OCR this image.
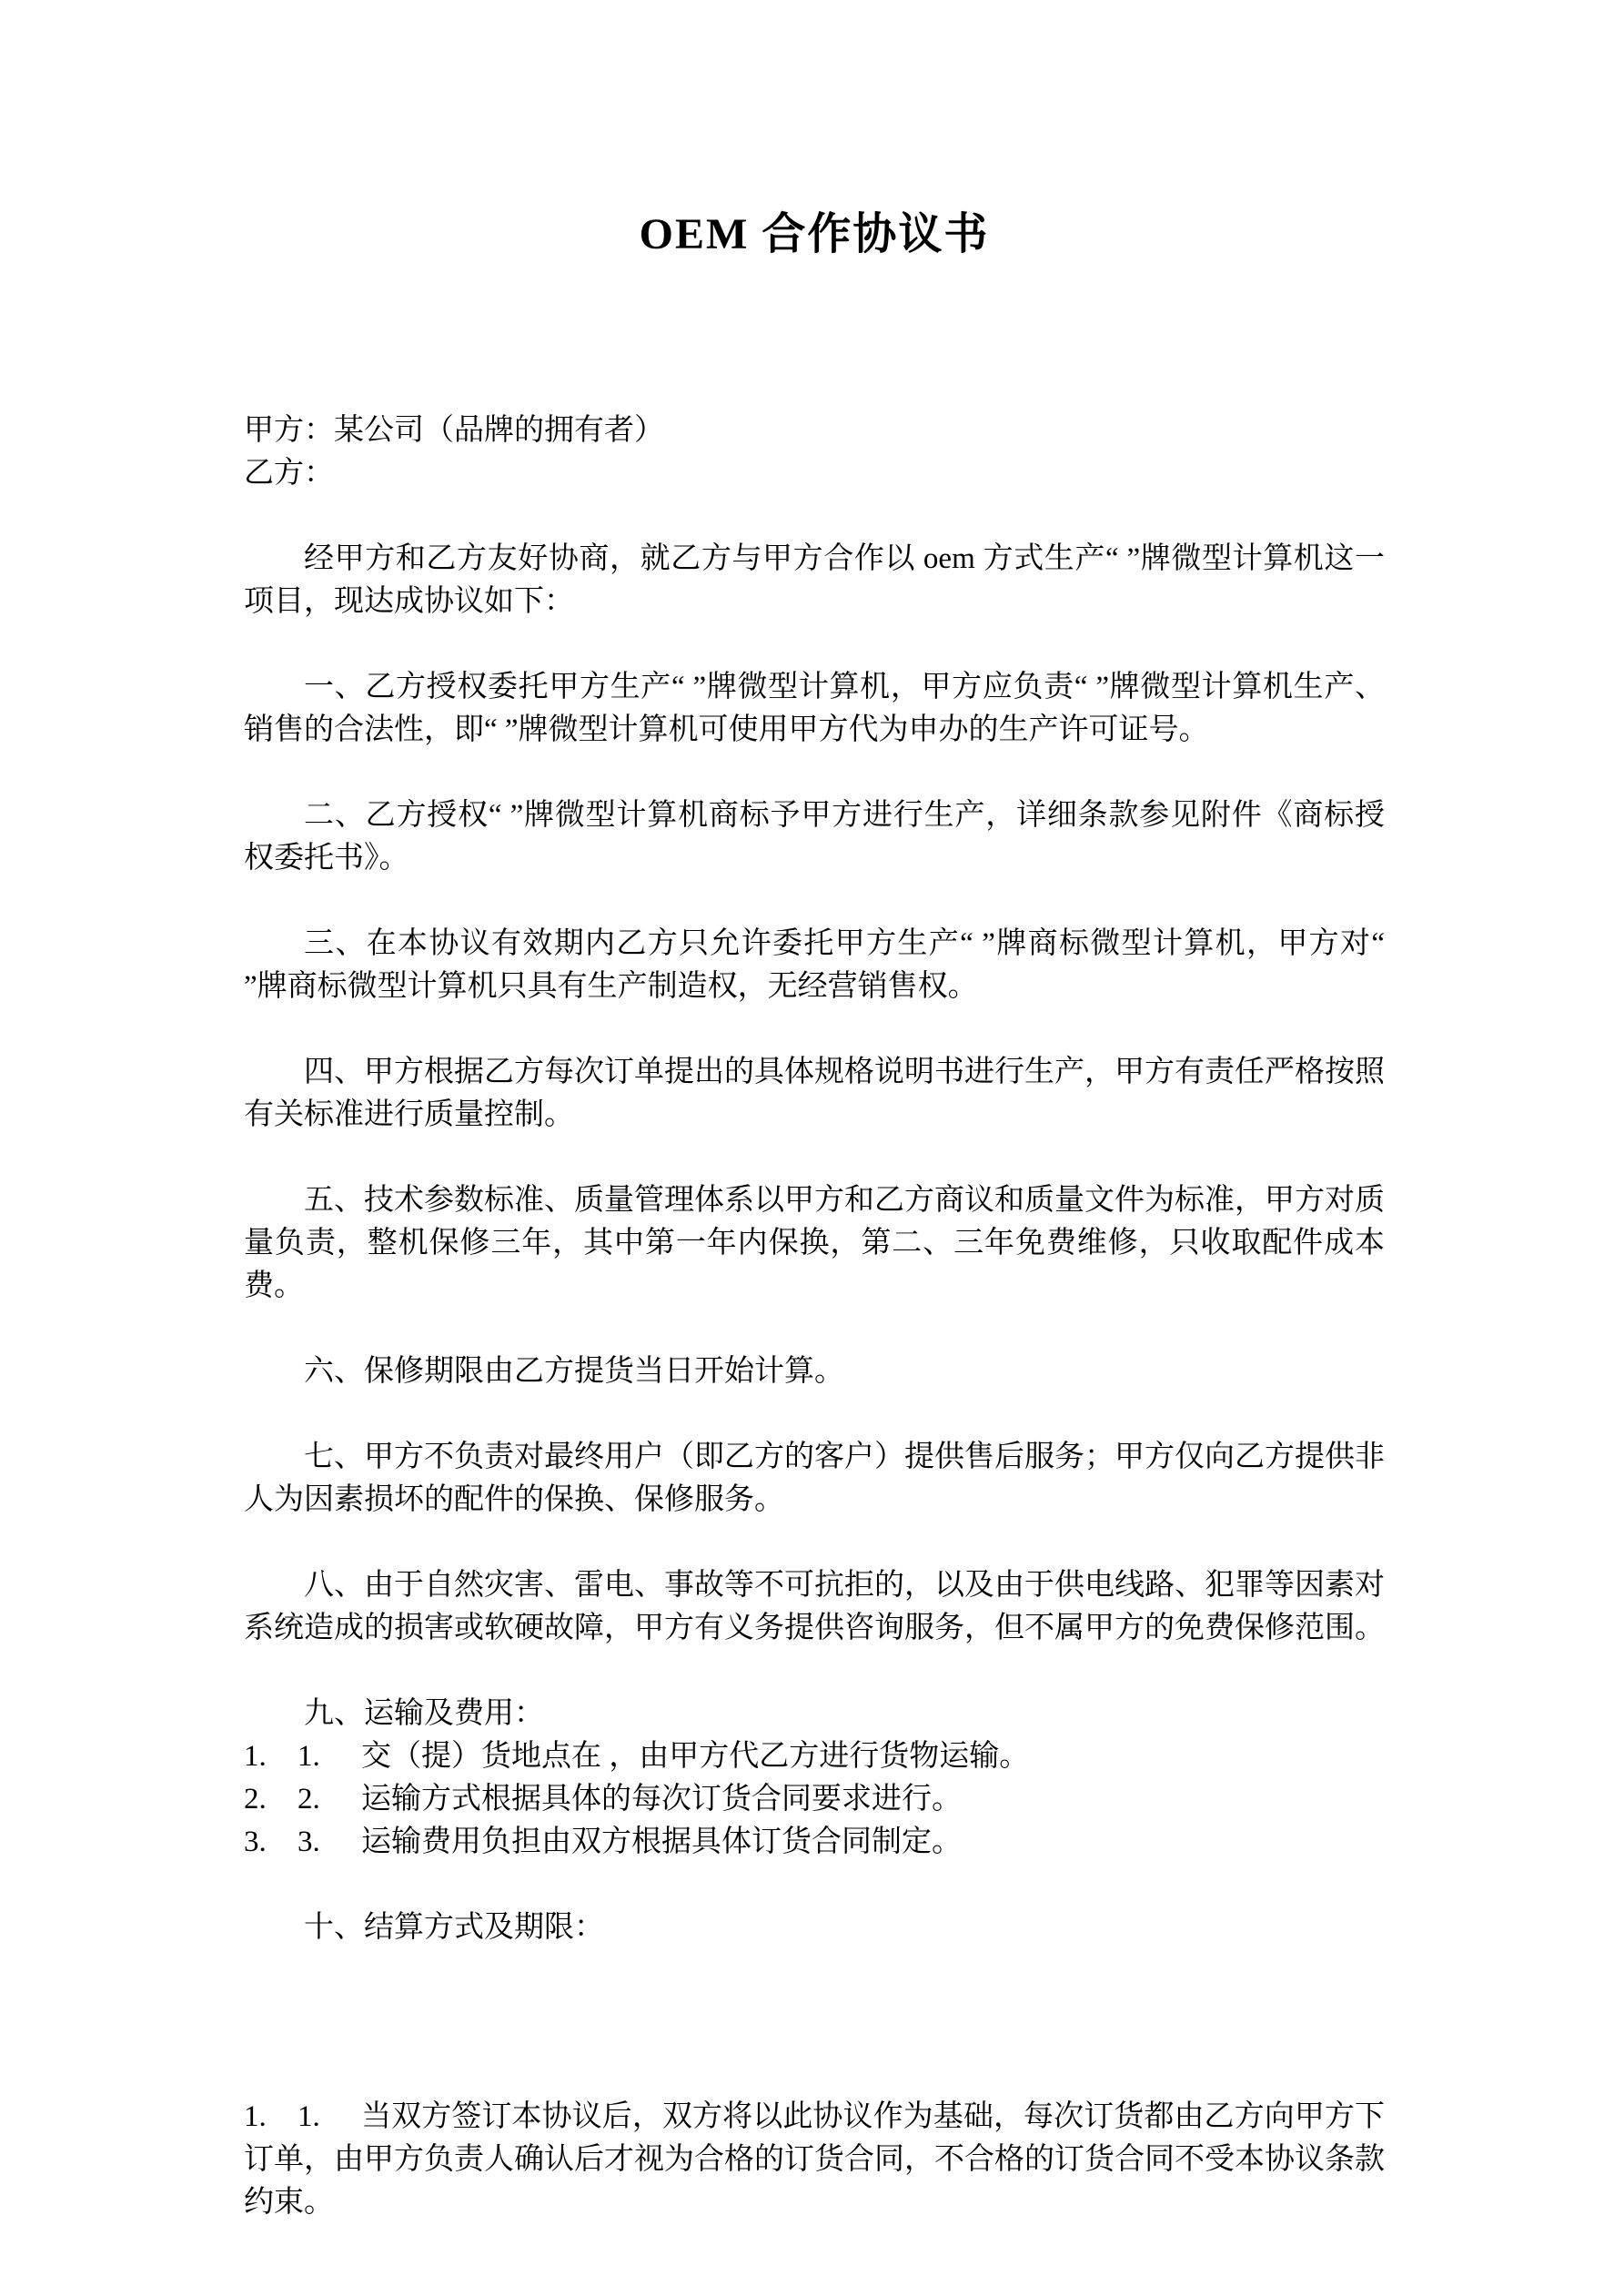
OEM 合作协议书

甲方：某公司（品牌的拥有者）

乙方：

经甲方和乙方友好协商，就乙方与甲方合作以 oem 方式生产“ ”牌微型计算机这一项目，现达成协议如下：

一、乙方授权委托甲方生产“ ”牌微型计算机，甲方应负责“ ”牌微型计算机生产、销售的合法性，即“ ”牌微型计算机可使用甲方代为申办的生产许可证号。

二、乙方授权“ ”牌微型计算机商标予甲方进行生产，详细条款参见附件《商标授权委托书》。

三、在本协议有效期内乙方只允许委托甲方生产“ ”牌商标微型计算机，甲方对“ ”牌商标微型计算机只具有生产制造权，无经营销售权。

四、甲方根据乙方每次订单提出的具体规格说明书进行生产，甲方有责任严格按照有关标准进行质量控制。

五、技术参数标准、质量管理体系以甲方和乙方商议和质量文件为标准，甲方对质量负责，整机保修三年，其中第一年内保换，第二、三年免费维修，只收取配件成本费。

六、保修期限由乙方提货当日开始计算。

七、甲方不负责对最终用户（即乙方的客户）提供售后服务；甲方仅向乙方提供非人为因素损坏的配件的保换、保修服务。

八、由于自然灾害、雷电、事故等不可抗拒的，以及由于供电线路、犯罪等因素对系统造成的损害或软硬故障，甲方有义务提供咨询服务，但不属甲方的免费保修范围。

九、运输及费用：

1. 1. 交（提）货地点在 ，由甲方代乙方进行货物运输。

2. 2. 运输方式根据具体的每次订货合同要求进行。

3. 3. 运输费用负担由双方根据具体订货合同制定。

十、结算方式及期限：

1. 1. 当双方签订本协议后，双方将以此协议作为基础，每次订货都由乙方向甲方下订单，由甲方负责人确认后才视为合格的订货合同，不合格的订货合同不受本协议条款约束。
